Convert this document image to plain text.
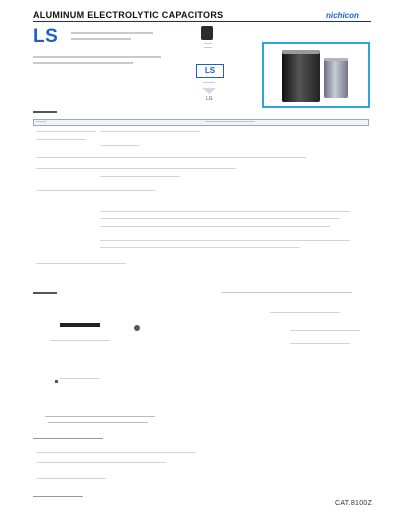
ALUMINUM ELECTROLYTIC CAPACITORS	nichicon
LS
LS
LG
CAT.8100Z
